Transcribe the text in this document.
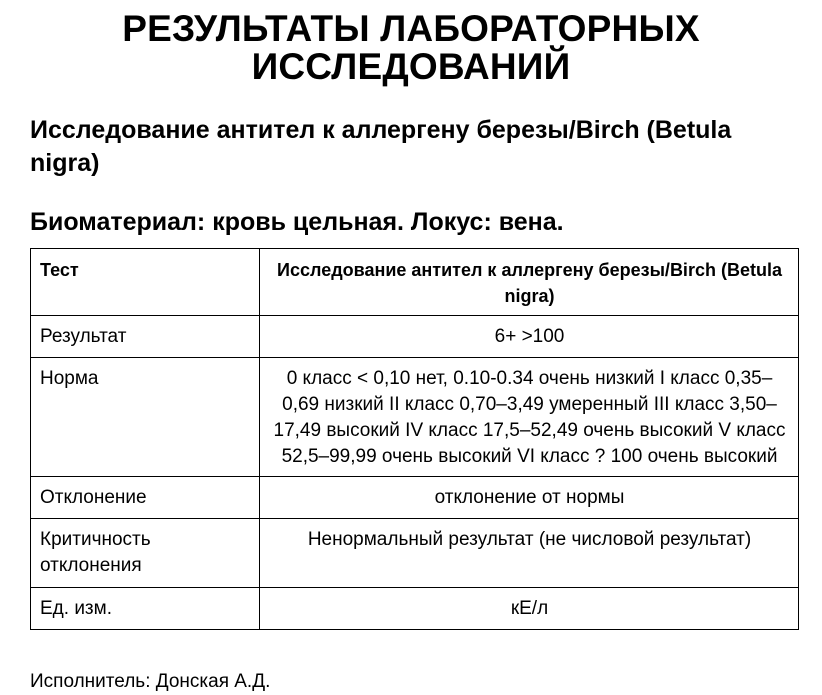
РЕЗУЛЬТАТЫ ЛАБОРАТОРНЫХ
ИССЛЕДОВАНИЙ
Исследование антител к аллергену березы/Birch (Betula nigra)
Биоматериал: кровь цельная. Локус: вена.
Тест	Исследование антител к аллергену березы/Birch (Betula nigra)
Результат	6+ >100
Норма	0 класс < 0,10 нет, 0.10-0.34 очень низкий I класс 0,35–0,69 низкий II класс 0,70–3,49 умеренный III класс 3,50–17,49 высокий IV класс 17,5–52,49 очень высокий V класс 52,5–99,99 очень высокий VI класс ? 100 очень высокий
Отклонение	отклонение от нормы
Критичность отклонения	Ненормальный результат (не числовой результат)
Ед. изм.	кЕ/л
Исполнитель: Донская А.Д.
